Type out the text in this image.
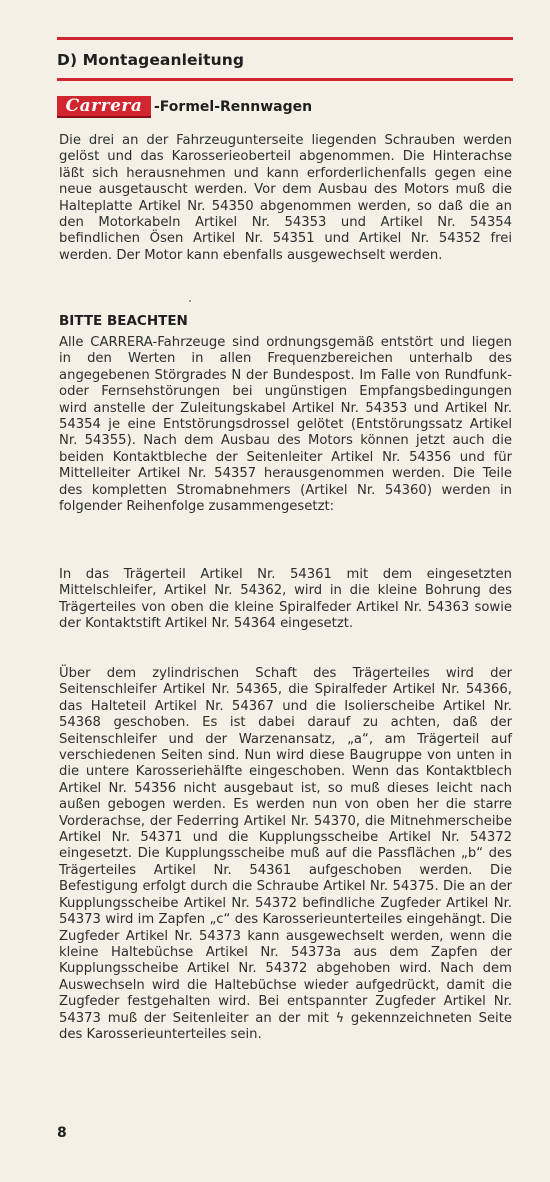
D) Montageanleitung
Carrera -Formel-Rennwagen
Die drei an der Fahrzeugunterseite liegenden Schrauben werden gelöst und das Karosserieoberteil abgenommen. Die Hinterachse läßt sich herausnehmen und kann erforderlichenfalls gegen eine neue ausgetauscht werden. Vor dem Ausbau des Motors muß die Halteplatte Artikel Nr. 54350 abgenommen werden, so daß die an den Motorkabeln Artikel Nr. 54353 und Artikel Nr. 54354 befindlichen Ösen Artikel Nr. 54351 und Artikel Nr. 54352 frei werden. Der Motor kann ebenfalls ausgewechselt werden.
BITTE BEACHTEN
Alle CARRERA-Fahrzeuge sind ordnungsgemäß entstört und liegen in den Werten in allen Frequenzbereichen unterhalb des angegebenen Störgrades N der Bundespost. Im Falle von Rundfunk- oder Fernsehstörungen bei ungünstigen Empfangsbedingungen wird anstelle der Zuleitungskabel Artikel Nr. 54353 und Artikel Nr. 54354 je eine Entstörungsdrossel gelötet (Entstörungssatz Artikel Nr. 54355). Nach dem Ausbau des Motors können jetzt auch die beiden Kontaktbleche der Seitenleiter Artikel Nr. 54356 und für Mittelleiter Artikel Nr. 54357 herausgenommen werden. Die Teile des kompletten Stromabnehmers (Artikel Nr. 54360) werden in folgender Reihenfolge zusammengesetzt:
In das Trägerteil Artikel Nr. 54361 mit dem eingesetzten Mittelschleifer, Artikel Nr. 54362, wird in die kleine Bohrung des Trägerteiles von oben die kleine Spiralfeder Artikel Nr. 54363 sowie der Kontaktstift Artikel Nr. 54364 eingesetzt.
Über dem zylindrischen Schaft des Trägerteiles wird der Seitenschleifer Artikel Nr. 54365, die Spiralfeder Artikel Nr. 54366, das Halteteil Artikel Nr. 54367 und die Isolierscheibe Artikel Nr. 54368 geschoben. Es ist dabei darauf zu achten, daß der Seitenschleifer und der Warzenansatz, „a“, am Trägerteil auf verschiedenen Seiten sind. Nun wird diese Baugruppe von unten in die untere Karosseriehälfte eingeschoben. Wenn das Kontaktblech Artikel Nr. 54356 nicht ausgebaut ist, so muß dieses leicht nach außen gebogen werden. Es werden nun von oben her die starre Vorderachse, der Federring Artikel Nr. 54370, die Mitnehmerscheibe Artikel Nr. 54371 und die Kupplungsscheibe Artikel Nr. 54372 eingesetzt. Die Kupplungsscheibe muß auf die Passflächen „b“ des Trägerteiles Artikel Nr. 54361 aufgeschoben werden. Die Befestigung erfolgt durch die Schraube Artikel Nr. 54375. Die an der Kupplungsscheibe Artikel Nr. 54372 befindliche Zugfeder Artikel Nr. 54373 wird im Zapfen „c“ des Karosserieunterteiles eingehängt. Die Zugfeder Artikel Nr. 54373 kann ausgewechselt werden, wenn die kleine Haltebüchse Artikel Nr. 54373a aus dem Zapfen der Kupplungsscheibe Artikel Nr. 54372 abgehoben wird. Nach dem Auswechseln wird die Haltebüchse wieder aufgedrückt, damit die Zugfeder festgehalten wird. Bei entspannter Zugfeder Artikel Nr. 54373 muß der Seitenleiter an der mit ϟ gekennzeichneten Seite des Karosserieunterteiles sein.
8
